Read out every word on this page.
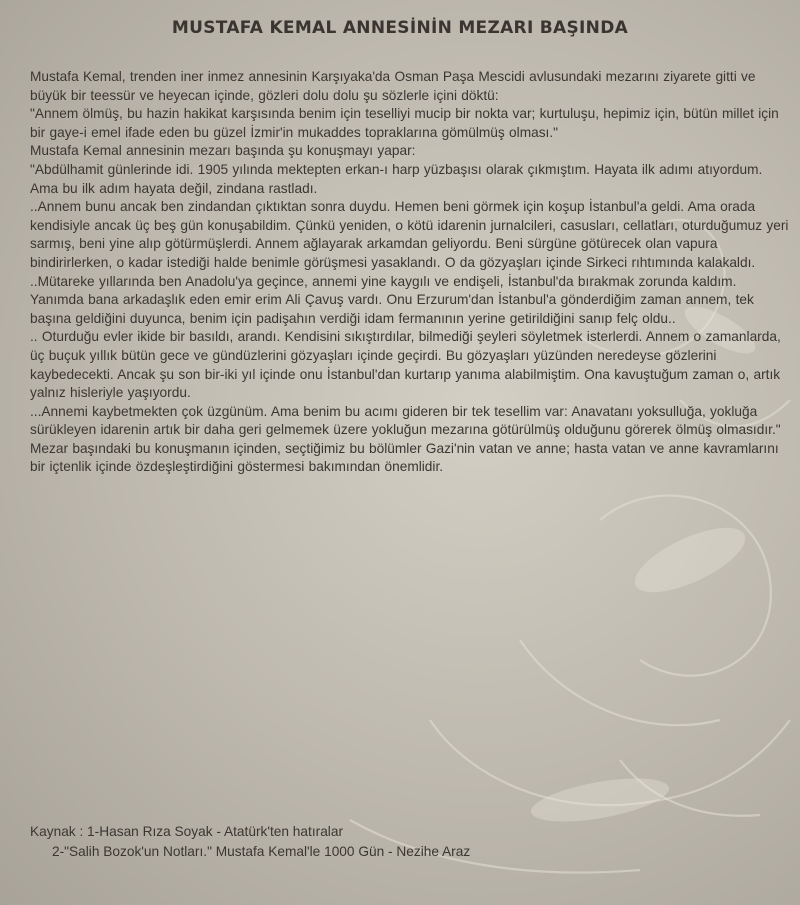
MUSTAFA KEMAL ANNESİNİN MEZARI BAŞINDA

Mustafa Kemal, trenden iner inmez annesinin Karşıyaka'da Osman Paşa Mescidi avlusundaki mezarını ziyarete gitti ve büyük bir teessür ve heyecan içinde, gözleri dolu dolu şu sözlerle içini döktü:

"Annem ölmüş, bu hazin hakikat karşısında benim için teselliyi mucip bir nokta var; kurtuluşu, hepimiz için, bütün millet için bir gaye-i emel ifade eden bu güzel İzmir'in mukaddes topraklarına gömülmüş olması."

Mustafa Kemal annesinin mezarı başında şu konuşmayı yapar:

"Abdülhamit günlerinde idi. 1905 yılında mektepten erkan-ı harp yüzbaşısı olarak çıkmıştım. Hayata ilk adımı atıyordum. Ama bu ilk adım hayata değil, zindana rastladı.

..Annem bunu ancak ben zindandan çıktıktan sonra duydu. Hemen beni görmek için koşup İstanbul'a geldi. Ama orada kendisiyle ancak üç beş gün konuşabildim. Çünkü yeniden, o kötü idarenin jurnalcileri, casusları, cellatları, oturduğumuz yeri sarmış, beni yine alıp götürmüşlerdi. Annem ağlayarak arkamdan geliyordu. Beni sürgüne götürecek olan vapura bindirirlerken, o kadar istediği halde benimle görüşmesi yasaklandı. O da gözyaşları içinde Sirkeci rıhtımında kalakaldı.

..Mütareke yıllarında ben Anadolu'ya geçince, annemi yine kaygılı ve endişeli, İstanbul'da bırakmak zorunda kaldım. Yanımda bana arkadaşlık eden emir erim Ali Çavuş vardı. Onu Erzurum'dan İstanbul'a gönderdiğim zaman annem, tek başına geldiğini duyunca, benim için padişahın verdiği idam fermanının yerine getirildiğini sanıp felç oldu..

.. Oturduğu evler ikide bir basıldı, arandı. Kendisini sıkıştırdılar, bilmediği şeyleri söyletmek isterlerdi. Annem o zamanlarda, üç buçuk yıllık bütün gece ve gündüzlerini gözyaşları içinde geçirdi. Bu gözyaşları yüzünden neredeyse gözlerini kaybedecekti. Ancak şu son bir-iki yıl içinde onu İstanbul'dan kurtarıp yanıma alabilmiştim. Ona kavuştuğum zaman o, artık yalnız hisleriyle yaşıyordu.

...Annemi kaybetmekten çok üzgünüm. Ama benim bu acımı gideren bir tek tesellim var: Anavatanı yoksulluğa, yokluğa sürükleyen idarenin artık bir daha geri gelmemek üzere yokluğun mezarına götürülmüş olduğunu görerek ölmüş olmasıdır."

Mezar başındaki bu konuşmanın içinden, seçtiğimiz bu bölümler Gazi'nin vatan ve anne; hasta vatan ve anne kavramlarını bir içtenlik içinde özdeşleştirdiğini göstermesi bakımından önemlidir.

Kaynak : 1-Hasan Rıza Soyak - Atatürk'ten hatıralar
2-"Salih Bozok'un Notları." Mustafa Kemal'le 1000 Gün - Nezihe Araz
